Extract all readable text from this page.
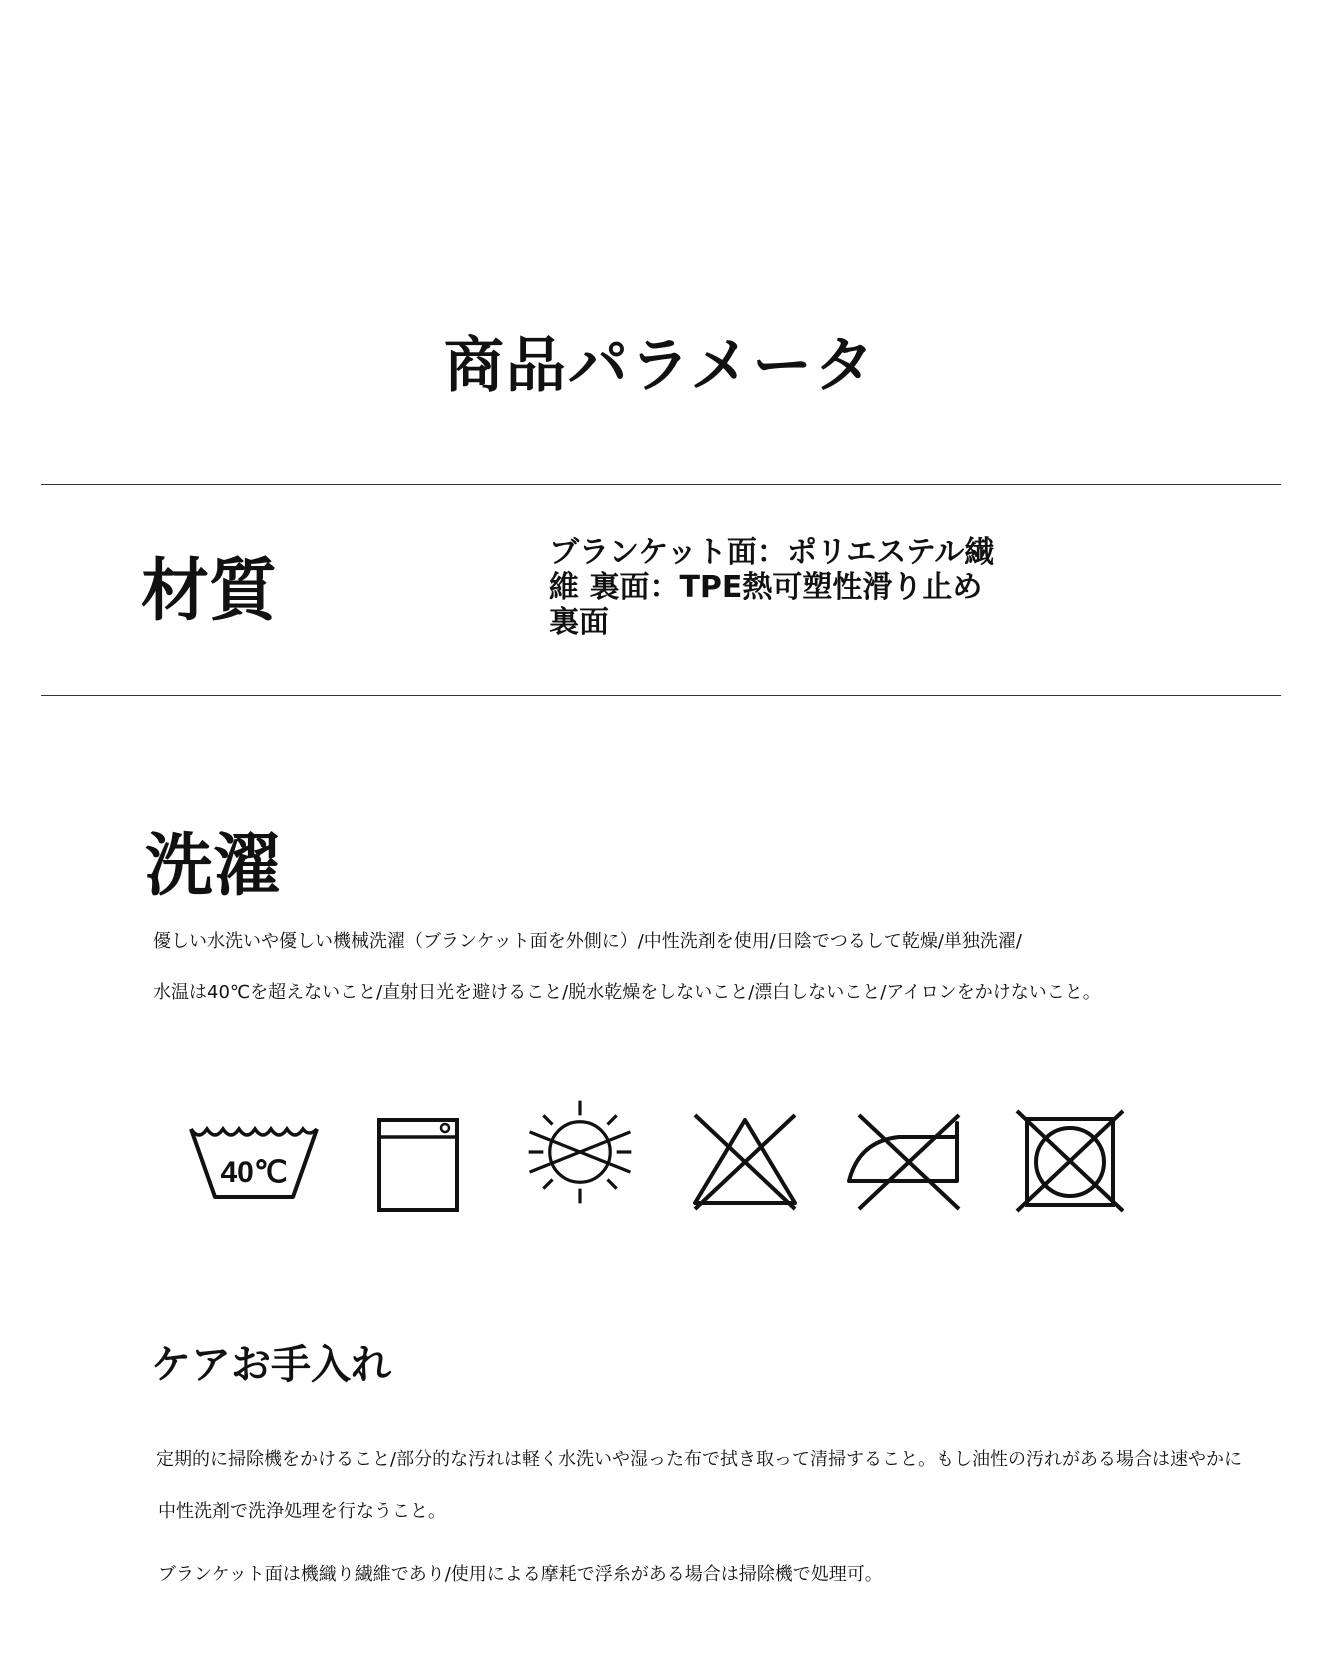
商品パラメータ
材質	ブランケット面：ポリエステル繊維 裏面：TPE熱可塑性滑り止め裏面
洗濯
優しい水洗いや優しい機械洗濯（ブランケット面を外側に）/中性洗剤を使用/日陰でつるして乾燥/単独洗濯/
水温は40℃を超えないこと/直射日光を避けること/脱水乾燥をしないこと/漂白しないこと/アイロンをかけないこと。
40℃
ケアお手入れ
定期的に掃除機をかけること/部分的な汚れは軽く水洗いや湿った布で拭き取って清掃すること。もし油性の汚れがある場合は速やかに
中性洗剤で洗浄処理を行なうこと。
ブランケット面は機織り繊維であり/使用による摩耗で浮糸がある場合は掃除機で処理可。
